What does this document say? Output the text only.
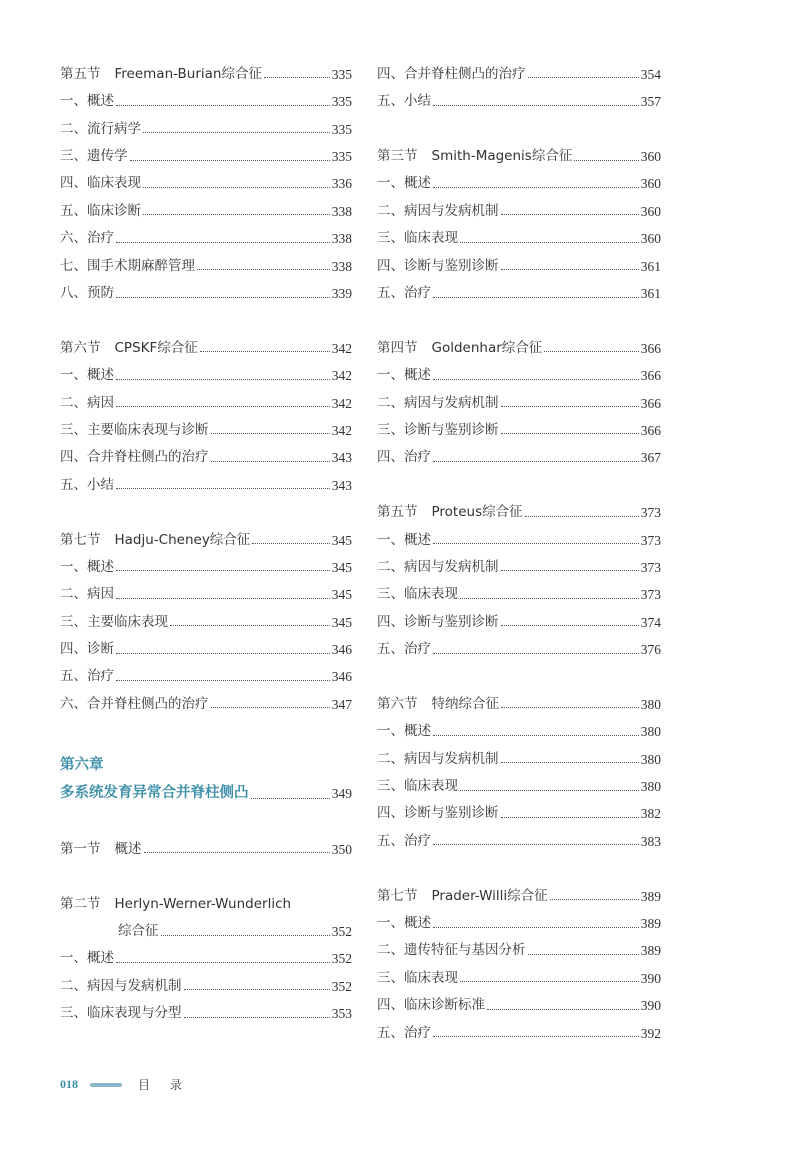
第五节 Freeman-Burian综合征	335
一、概述	335
二、流行病学	335
三、遗传学	335
四、临床表现	336
五、临床诊断	338
六、治疗	338
七、围手术期麻醉管理	338
八、预防	339
第六节 CPSKF综合征	342
一、概述	342
二、病因	342
三、主要临床表现与诊断	342
四、合并脊柱侧凸的治疗	343
五、小结	343
第七节 Hadju-Cheney综合征	345
一、概述	345
二、病因	345
三、主要临床表现	345
四、诊断	346
五、治疗	346
六、合并脊柱侧凸的治疗	347
第六章
多系统发育异常合并脊柱侧凸	349
第一节 概述	350
第二节 Herlyn-Werner-Wunderlich
综合征	352
一、概述	352
二、病因与发病机制	352
三、临床表现与分型	353
四、合并脊柱侧凸的治疗	354
五、小结	357
第三节 Smith-Magenis综合征	360
一、概述	360
二、病因与发病机制	360
三、临床表现	360
四、诊断与鉴别诊断	361
五、治疗	361
第四节 Goldenhar综合征	366
一、概述	366
二、病因与发病机制	366
三、诊断与鉴别诊断	366
四、治疗	367
第五节 Proteus综合征	373
一、概述	373
二、病因与发病机制	373
三、临床表现	373
四、诊断与鉴别诊断	374
五、治疗	376
第六节 特纳综合征	380
一、概述	380
二、病因与发病机制	380
三、临床表现	380
四、诊断与鉴别诊断	382
五、治疗	383
第七节 Prader-Willi综合征	389
一、概述	389
二、遗传特征与基因分析	389
三、临床表现	390
四、临床诊断标准	390
五、治疗	392
018	目 录
